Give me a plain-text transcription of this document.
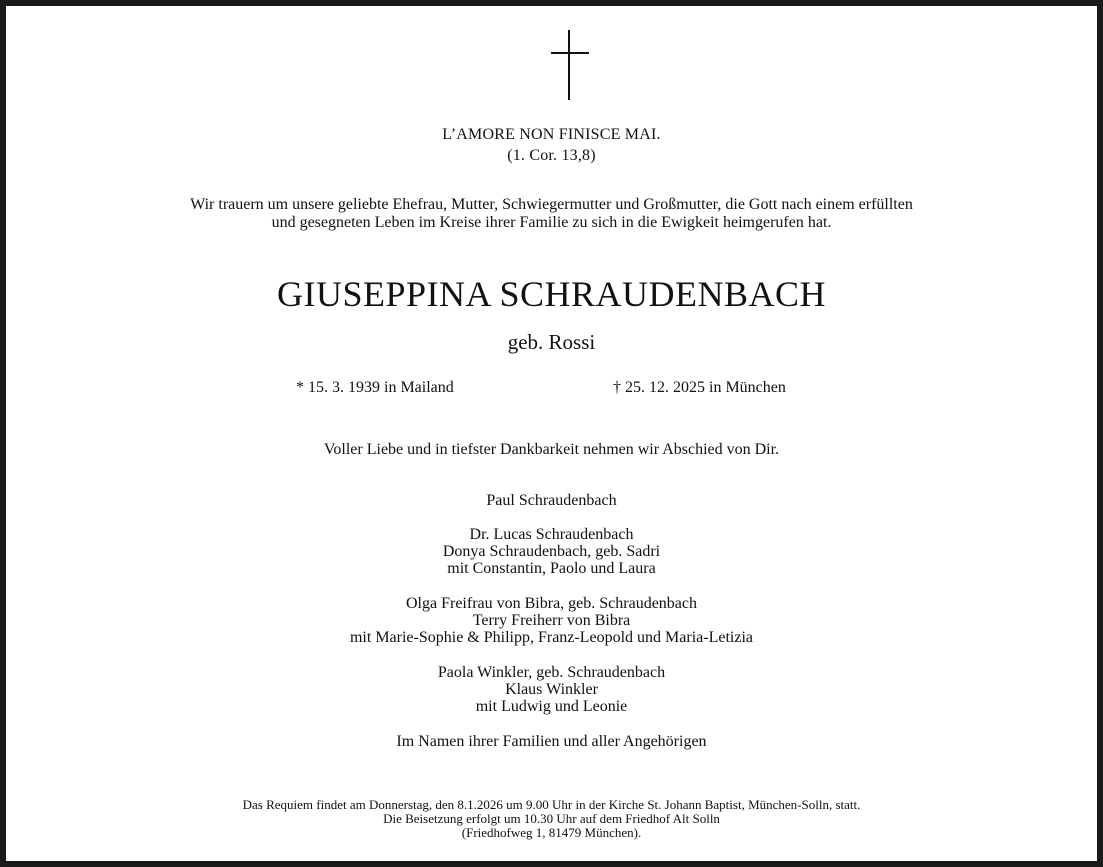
L’AMORE NON FINISCE MAI.
(1. Cor. 13,8)
Wir trauern um unsere geliebte Ehefrau, Mutter, Schwiegermutter und Großmutter, die Gott nach einem erfüllten
und gesegneten Leben im Kreise ihrer Familie zu sich in die Ewigkeit heimgerufen hat.
GIUSEPPINA SCHRAUDENBACH
geb. Rossi
* 15. 3. 1939 in Mailand	† 25. 12. 2025 in München
Voller Liebe und in tiefster Dankbarkeit nehmen wir Abschied von Dir.
Paul Schraudenbach
Dr. Lucas Schraudenbach
Donya Schraudenbach, geb. Sadri
mit Constantin, Paolo und Laura
Olga Freifrau von Bibra, geb. Schraudenbach
Terry Freiherr von Bibra
mit Marie-Sophie & Philipp, Franz-Leopold und Maria-Letizia
Paola Winkler, geb. Schraudenbach
Klaus Winkler
mit Ludwig und Leonie
Im Namen ihrer Familien und aller Angehörigen
Das Requiem findet am Donnerstag, den 8.1.2026 um 9.00 Uhr in der Kirche St. Johann Baptist, München-Solln, statt.
Die Beisetzung erfolgt um 10.30 Uhr auf dem Friedhof Alt Solln
(Friedhofweg 1, 81479 München).
